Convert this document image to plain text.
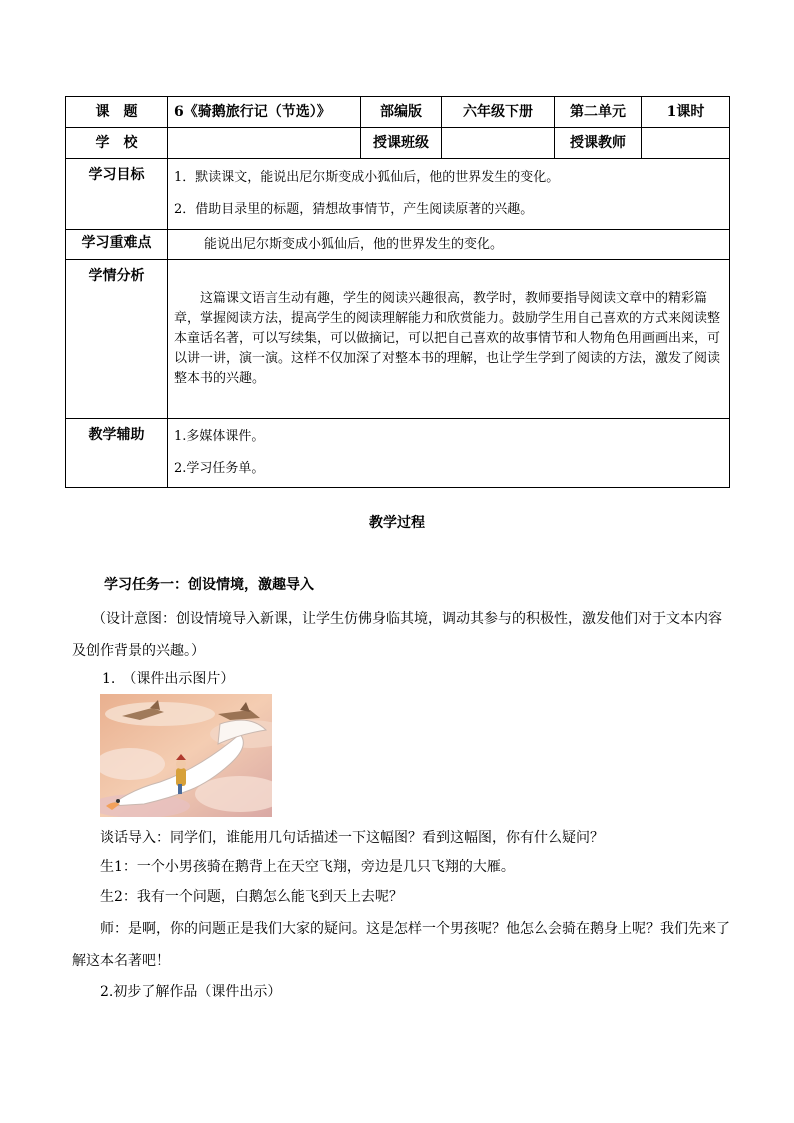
课　题	6《骑鹅旅行记（节选）》	部编版	六年级下册	第二单元	1课时
学　校		授课班级		授课教师	
学习目标	1．默读课文，能说出尼尔斯变成小狐仙后，他的世界发生的变化。
2．借助目录里的标题，猜想故事情节，产生阅读原著的兴趣。				

学习重难点	能说出尼尔斯变成小狐仙后，他的世界发生的变化。				
学情分析	这篇课文语言生动有趣，学生的阅读兴趣很高，教学时，教师要指导阅读文章中的精彩篇章，掌握阅读方法，提高学生的阅读理解能力和欣赏能力。鼓励学生用自己喜欢的方式来阅读整本童话名著，可以写续集，可以做摘记，可以把自己喜欢的故事情节和人物角色用画画出来，可以讲一讲，演一演。这样不仅加深了对整本书的理解，也让学生学到了阅读的方法，激发了阅读整本书的兴趣。				
教学辅助	1.多媒体课件。
2.学习任务单。				
教学过程
学习任务一：创设情境，激趣导入
（设计意图：创设情境导入新课，让学生仿佛身临其境，调动其参与的积极性，激发他们对于文本内容及创作背景的兴趣。）
1.　（课件出示图片）
谈话导入：同学们，谁能用几句话描述一下这幅图？看到这幅图，你有什么疑问？
生1：一个小男孩骑在鹅背上在天空飞翔，旁边是几只飞翔的大雁。
生2：我有一个问题，白鹅怎么能飞到天上去呢？
师：是啊，你的问题正是我们大家的疑问。这是怎样一个男孩呢？他怎么会骑在鹅身上呢？我们先来了解这本名著吧！
2.初步了解作品（课件出示）
